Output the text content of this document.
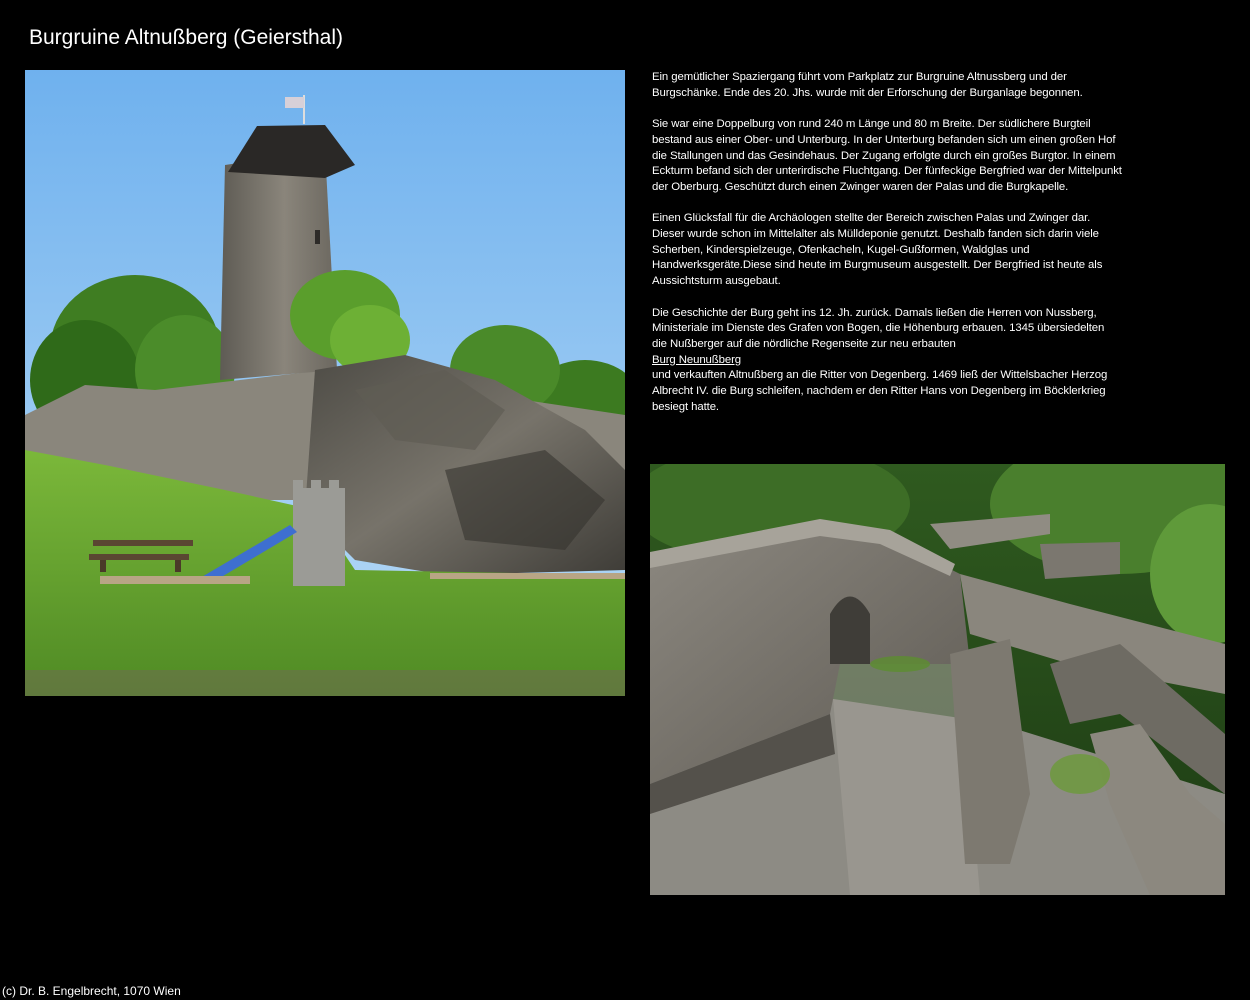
Burgruine Altnußberg (Geiersthal)

Ein gemütlicher Spaziergang führt vom Parkplatz zur Burgruine Altnussberg und der Burgschänke. Ende des 20. Jhs. wurde mit der Erforschung der Burganlage begonnen.

Sie war eine Doppelburg von rund 240 m Länge und 80 m Breite. Der südlichere Burgteil bestand aus einer Ober- und Unterburg. In der Unterburg befanden sich um einen großen Hof die Stallungen und das Gesindehaus. Der Zugang erfolgte durch ein großes Burgtor. In einem Eckturm befand sich der unterirdische Fluchtgang. Der fünfeckige Bergfried war der Mittelpunkt der Oberburg. Geschützt durch einen Zwinger waren der Palas und die Burgkapelle.

Einen Glücksfall für die Archäologen stellte der Bereich zwischen Palas und Zwinger dar. Dieser wurde schon im Mittelalter als Mülldeponie genutzt. Deshalb fanden sich darin viele Scherben, Kinderspielzeuge, Ofenkacheln, Kugel-Gußformen, Waldglas und Handwerksgeräte.Diese sind heute im Burgmuseum ausgestellt. Der Bergfried ist heute als Aussichtsturm ausgebaut.

Die Geschichte der Burg geht ins 12. Jh. zurück. Damals ließen die Herren von Nussberg, Ministeriale im Dienste des Grafen von Bogen, die Höhenburg erbauen. 1345 übersiedelten die Nußberger auf die nördliche Regenseite zur neu erbauten
Burg Neunußberg
und verkauften Altnußberg an die Ritter von Degenberg. 1469 ließ der Wittelsbacher Herzog Albrecht IV. die Burg schleifen, nachdem er den Ritter Hans von Degenberg im Böcklerkrieg besiegt hatte.
(c) Dr. B. Engelbrecht, 1070 Wien
